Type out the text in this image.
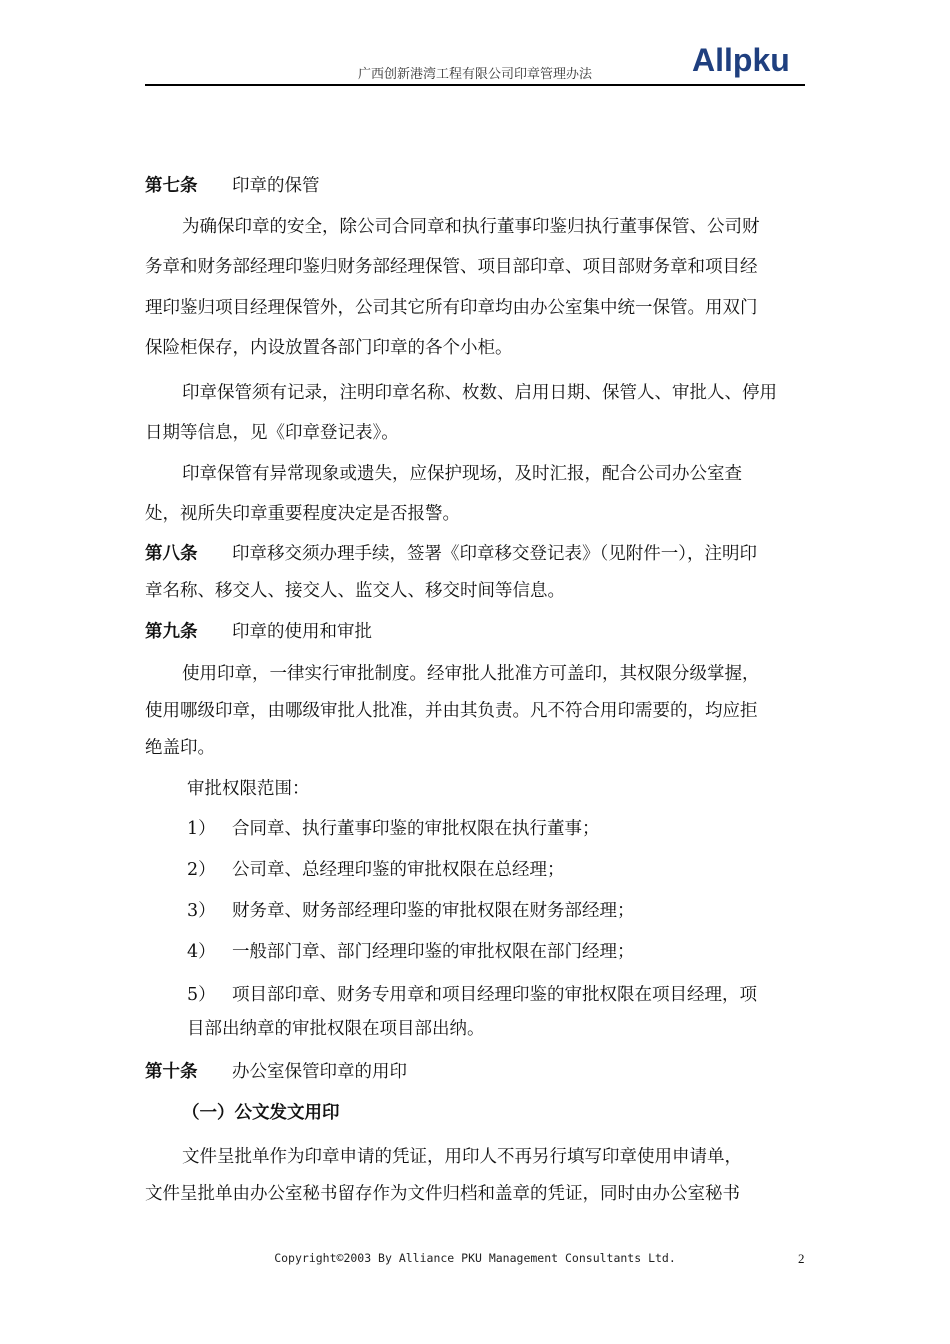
广西创新港湾工程有限公司印章管理办法	Allpku
第七条 印章的保管
为确保印章的安全，除公司合同章和执行董事印鉴归执行董事保管、公司财
务章和财务部经理印鉴归财务部经理保管、项目部印章、项目部财务章和项目经
理印鉴归项目经理保管外，公司其它所有印章均由办公室集中统一保管。用双门
保险柜保存，内设放置各部门印章的各个小柜。
印章保管须有记录，注明印章名称、枚数、启用日期、保管人、审批人、停用
日期等信息，见《印章登记表》。
印章保管有异常现象或遗失，应保护现场，及时汇报，配合公司办公室查
处，视所失印章重要程度决定是否报警。
第八条 印章移交须办理手续，签署《印章移交登记表》（见附件一），注明印
章名称、移交人、接交人、监交人、移交时间等信息。
第九条 印章的使用和审批
使用印章，一律实行审批制度。经审批人批准方可盖印，其权限分级掌握，
使用哪级印章，由哪级审批人批准，并由其负责。凡不符合用印需要的，均应拒
绝盖印。
审批权限范围：
1） 合同章、执行董事印鉴的审批权限在执行董事；
2） 公司章、总经理印鉴的审批权限在总经理；
3） 财务章、财务部经理印鉴的审批权限在财务部经理；
4） 一般部门章、部门经理印鉴的审批权限在部门经理；
5） 项目部印章、财务专用章和项目经理印鉴的审批权限在项目经理，项
目部出纳章的审批权限在项目部出纳。
第十条 办公室保管印章的用印
（一）公文发文用印
文件呈批单作为印章申请的凭证，用印人不再另行填写印章使用申请单，
文件呈批单由办公室秘书留存作为文件归档和盖章的凭证，同时由办公室秘书
Copyright©2003 By Alliance PKU Management Consultants Ltd.	2
